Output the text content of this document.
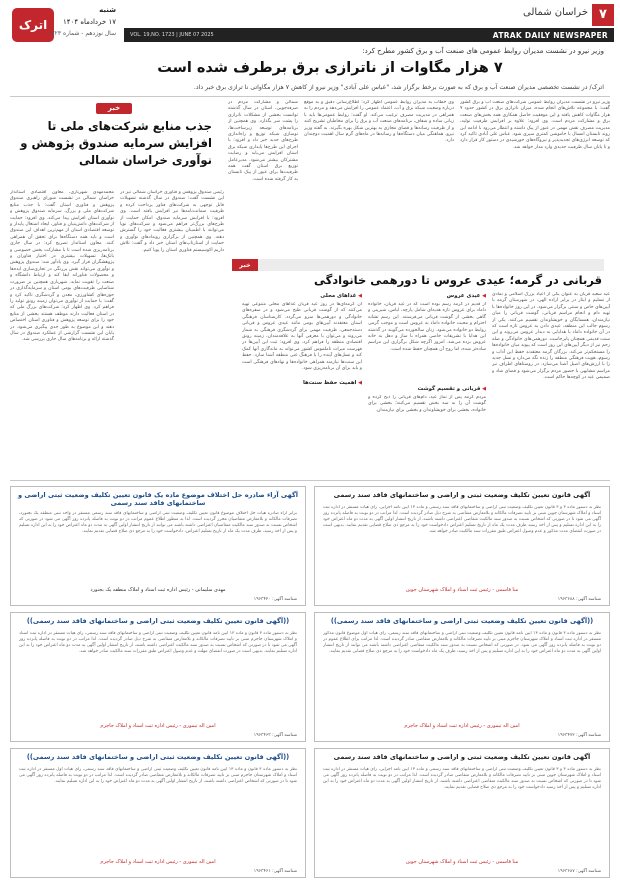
۷
خراسان شمالی
ATRAK DAILY NEWSPAPER
VOL. 19,NO. 1723 | JUNE 07 2025
اترک
شنبه
۱۷ خردادماه ۱۴۰۴
سال نوزدهم - شماره ۱۷۲۳
وزیر نیرو در نشست مدیران روابط عمومی های صنعت آب و برق کشور مطرح کرد:
۷ هزار مگاوات از ناترازی برق برطرف شده است
اترک/ در نشست تخصصی مدیران صنعت آب و برق که به صورت برخط برگزار شد، "عباس علی آبادی" وزیر نیرو از کاهش ۷ هزار مگاواتی نا ترازی برق خبر داد.
وزیر نیرو در نشست مدیران روابط عمومی شرکت‌های صنعت آب و برق کشور گفت: با مجموعه تلاش‌های انجام شده، میزان ناترازی برق در کشور حدود ۷ هزار مگاوات کاهش یافته و این موفقیت حاصل همکاری همه بخش‌های صنعت برق و مشارکت مردم است. وی افزود: علاوه بر افزایش ظرفیت تولید، مدیریت مصرف نقش مهمی در عبور از پیک داشته و انتظار می‌رود با ادامه این روند تابستان امسال با خاموشی کمتری سپری شود. عباس علی آبادی تاکید کرد که توسعه انرژی‌های تجدیدپذیر و نیروگاه‌های خورشیدی در دستور کار قرار دارد و تا پایان سال ظرفیت جدیدی وارد مدار خواهد شد.
وی خطاب به مدیران روابط عمومی اظهار کرد: اطلاع‌رسانی دقیق و به موقع درباره وضعیت شبکه برق و آب، اعتماد عمومی را افزایش می‌دهد و مردم را به همراهی در مدیریت مصرف ترغیب می‌کند. او گفت: روابط عمومی‌ها باید با زبانی ساده و شفاف، برنامه‌های صنعت آب و برق را برای مخاطبان تشریح کنند و از ظرفیت رسانه‌ها و فضای مجازی به بهترین شکل بهره بگیرند. به گفته وزیر نیرو، هماهنگی میان دستگاه‌ها و رسانه‌ها در ماه‌های گرم سال اهمیت دوچندان دارد.
شمالی و مشارکت مردم در صرفه‌جویی، استان در سال گذشته توانست بخشی از مشکلات ناترازی را پشت سر بگذارد. وی همچنین از برنامه‌های توسعه زیرساخت‌ها، نوسازی شبکه توزیع و راه‌اندازی طرح‌های جدید خبر داد و افزود: با اجرای این طرح‌ها پایداری شبکه برق استان افزایش می‌یابد و رضایت مشترکان بیشتر می‌شود. مدیرعامل توزیع برق استان گفت همه ظرفیت‌ها برای عبور از پیک تابستان به کار گرفته شده است.
خبر
جذب منابع شرکت‌های ملی تا افزایش سرمایه صندوق پژوهش و نوآوری خراسان شمالی
محمدمهدی شهریاری، معاون اقتصادی استاندار خراسان شمالی در نشست شورای راهبری صندوق پژوهش و فناوری استان گفت: با جذب منابع شرکت‌های ملی و بزرگ، سرمایه صندوق پژوهش و نوآوری استان افزایش پیدا می‌کند. وی افزود: حمایت از شرکت‌های دانش‌بنیان و فناور، ایجاد اشتغال پایدار و توسعه اقتصادی استان از مهم‌ترین اهداف این صندوق است و باید همه دستگاه‌ها برای تحقق آن همراهی کنند. معاون استاندار تصریح کرد: در سال جاری برنامه‌ریزی شده است تا با مشارکت بخش خصوصی و بانک‌ها، تسهیلات بیشتری در اختیار فناوران و پژوهشگران قرار گیرد. وی یادآور شد: صندوق پژوهش و نوآوری می‌تواند نقش پررنگی در تجاری‌سازی ایده‌ها و محصولات فناورانه ایفا کند و ارتباط دانشگاه و صنعت را تقویت نماید. شهریاری همچنین بر ضرورت شناسایی ظرفیت‌های بومی استان و سرمایه‌گذاری در حوزه‌های کشاورزی، معدن و گردشگری تاکید کرد و گفت: با حمایت از نوآوری می‌توان زمینه رونق تولید را فراهم کرد. وی اظهار کرد: شرکت‌های بزرگ ملی که در استان فعالیت دارند موظف هستند بخشی از منابع خود را برای توسعه پژوهش و فناوری استان اختصاص دهند و این موضوع به طور جدی پیگیری می‌شود. در پایان این نشست گزارشی از عملکرد صندوق در سال گذشته ارائه و برنامه‌های سال جاری بررسی شد.
رئیس صندوق پژوهش و فناوری خراسان شمالی نیز در این نشست گفت: صندوق در سال گذشته تسهیلات قابل توجهی به شرکت‌های فناور پرداخت کرده و ظرفیت ضمانت‌نامه‌ها نیز افزایش یافته است. وی افزود: با افزایش سرمایه صندوق، امکان حمایت از طرح‌های بزرگ‌تر فراهم می‌شود و شرکت‌های نوپا می‌توانند با اطمینان بیشتری فعالیت خود را گسترش دهند. وی همچنین از برگزاری رویدادهای نوآوری و حمایت از استارتاپ‌های استان خبر داد و گفت: تلاش داریم اکوسیستم فناوری استان را پویا کنیم.
خبر
قربانی در گرمه؛ عیدی عروس تا دورهمی خانوادگی
عید سعید قربان به عنوان یکی از اعیاد بزرگ اسلامی و نمادی از تسلیم و ایثار در برابر اراده الهی، در شهرستان گرمه با آیین‌های خاص و سنتی برگزار می‌شود. در این روز خانواده‌ها با تهیه دام و انجام مراسم قربانی، گوشت قربانی را میان نیازمندان، همسایگان و خویشاوندان تقسیم می‌کنند. یکی از رسوم جالب این منطقه، عیدی دادن به عروس تازه است که در آن خانواده داماد با هدایایی به دیدار عروس می‌روند و این سنت قدیمی همچنان پابرجاست. دورهمی‌های خانوادگی و صله رحم نیز از دیگر آیین‌های این روز است که پیوند میان خانواده‌ها را مستحکم‌تر می‌کند. بزرگان گرمه معتقدند حفظ این آداب و رسوم، هویت فرهنگی منطقه را زنده نگه می‌دارد و نسل جدید را با ارزش‌های اصیل آشنا می‌سازد. در روستاهای اطراف نیز مراسم مشابهی با حضور مردم برگزار می‌شود و فضای شاد و صمیمی عید در کوچه‌ها حاکم است.
◀ عیدی عروس
از قدیم در گرمه رسم بوده است که در عید قربان، خانواده داماد برای عروس تازه هدیه‌ای شامل پارچه، لباس، شیرینی و گاهی بخشی از گوشت قربانی می‌فرستند. این رسم نشانه احترام و محبت خانواده داماد به عروس است و موجب گرمی روابط دو خانواده می‌شود. زنان سالخورده می‌گویند در گذشته این هدایا با تشریفات خاصی همراه با ساز و دهل به خانه عروس برده می‌شد. امروز اگرچه شکل برگزاری این مراسم ساده‌تر شده، اما روح آن همچنان حفظ شده است.
◀ قربانی و تقسیم گوشت
مردم گرمه پس از نماز عید، دام‌های قربانی را ذبح کرده و گوشت آن را به سه بخش تقسیم می‌کنند؛ بخشی برای خانواده، بخشی برای خویشاوندان و بخشی برای نیازمندان.
◀ غذاهای محلی
◀ اهمیت حفظ سنت‌ها
آن گرمه‌ای‌ها در روز عید قربان غذاهای محلی متنوعی تهیه می‌کنند که از گوشت قربانی طبخ می‌شود و در سفره‌های خانوادگی و دورهمی‌ها سرو می‌گردد. کارشناسان فرهنگی استان معتقدند آیین‌های بومی مانند عیدی عروس و قربانی دسته‌جمعی، ظرفیت مهمی برای گردشگری فرهنگی به شمار می‌روند و می‌توان با معرفی آنها به علاقه‌مندان، زمینه رونق اقتصادی منطقه را فراهم کرد. وی افزود: ثبت این آیین‌ها در فهرست میراث ناملموس کشور می‌تواند به ماندگاری آنها کمک کند و نسل‌های آینده را با فرهنگ غنی منطقه آشنا سازد. حفظ این سنت‌ها نیازمند همراهی خانواده‌ها و نهادهای فرهنگی است و باید برای آن برنامه‌ریزی شود.
آگهی قانون تعیین تکلیف وضعیت ثبتی و اراضی و ساختمانهای فاقد سند رسمی
نظر به دستور ماده ۳ و ۳ قانون تعیین تکلیف وضعیت ثبتی اراضی و ساختمانهای فاقد سند رسمی و ماده ۱۳ آیین نامه اجرایی، رای هیات مستقر در اداره ثبت اسناد و املاک شهرستان جوین مبنی بر تایید تصرفات مالکانه و بلامعارض متقاضی به شرح ذیل صادر گردیده است. لذا مراتب در دو نوبت به فاصله پانزده روز آگهی می شود تا در صورتی که اشخاص نسبت به صدور سند مالکیت متقاضی اعتراضی داشته باشند، از تاریخ انتشار اولین آگهی به مدت دو ماه اعتراض خود را به این اداره تسلیم و پس از اخذ رسید ظرف مدت یک ماه از تاریخ تسلیم اعتراض دادخواست خود را به مرجع ذی صلاح قضایی تقدیم نمایند. بدیهی است در صورت انقضای مدت مذکور و عدم وصول اعتراض طبق مقررات سند مالکیت صادر خواهد شد.
منا قاسمی - رئیس ثبت اسناد و املاک شهرستان جوین
شناسه آگهی: ۱۹۶۳۶۸۸
آگهی آراء صادره حل اختلاف موضوع ماده یک قانون تعیین تکلیف وضعیت ثبتی اراضی و ساختمانهای فاقد سند رسمی
برابر آراء صادره هیات حل اختلاف موضوع قانون تعیین تکلیف وضعیت ثبتی اراضی و ساختمانهای فاقد سند رسمی مستقر در واحد ثبتی منطقه یک بجنورد، تصرفات مالکانه و بلامعارض متقاضیان محرز گردیده است. لذا به منظور اطلاع عموم مراتب در دو نوبت به فاصله پانزده روز آگهی می شود در صورتی که اشخاص نسبت به صدور سند مالکیت متقاضیان اعتراضی داشته باشند می توانند از تاریخ انتشار اولین آگهی به مدت دو ماه اعتراض خود را به این اداره تسلیم و پس از اخذ رسید، ظرف مدت یک ماه از تاریخ تسلیم اعتراض، دادخواست خود را به مرجع ذی صلاح قضایی تقدیم نمایند.
مهدی سلیمانی - رئیس اداره ثبت اسناد و املاک منطقه یک بجنورد
شناسه آگهی: ۱۹۶۳۴۲۰
((آگهی قانون تعیین تکلیف وضعیت ثبتی اراضی و ساختمانهای فاقد سند رسمی))
نظر به دستور ماده ۳ قانون و ماده ۱۳ آیین نامه قانون تعیین تکلیف وضعیت ثبتی اراضی و ساختمانهای فاقد سند رسمی، رای هیات اول موضوع قانون مذکور مستقر در اداره ثبت اسناد و املاک شهرستان جاجرم مبنی بر تایید تصرفات مالکانه و بلامعارض متقاضی صادر گردیده است. لذا مراتب برای اطلاع عموم در دو نوبت به فاصله پانزده روز آگهی می شود. در صورتی که اشخاص نسبت به صدور سند مالکیت متقاضی اعتراضی داشته باشند می توانند از تاریخ انتشار اولین آگهی به مدت دو ماه اعتراض خود را به این اداره تسلیم و پس از اخذ رسید، ظرف یک ماه دادخواست خود را به مرجع ذی صلاح قضایی تقدیم نمایند.
امین اله تیموری - رئیس اداره ثبت اسناد و املاک جاجرم
شناسه آگهی: ۱۹۶۳۴۷۲
((آگهی قانون تعیین تکلیف وضعیت ثبتی اراضی و ساختمانهای فاقد سند رسمی))
نظر به دستور ماده ۳ قانون و ماده ۱۳ آیین نامه قانون تعیین تکلیف وضعیت ثبتی اراضی و ساختمانهای فاقد سند رسمی، رای هیات مستقر در اداره ثبت اسناد و املاک شهرستان جاجرم مبنی بر تایید تصرفات مالکانه و بلامعارض متقاضی به شرح ذیل صادر گردیده است. لذا مراتب در دو نوبت به فاصله پانزده روز آگهی می شود تا در صورتی که اشخاص نسبت به صدور سند مالکیت اعتراضی داشته باشند، از تاریخ انتشار اولین آگهی به مدت دو ماه اعتراض خود را به این اداره تسلیم نمایند. بدیهی است در صورت انقضای مهلت و عدم وصول اعتراض طبق مقررات سند مالکیت صادر خواهد شد.
امین اله تیموری - رئیس اداره ثبت اسناد و املاک جاجرم
شناسه آگهی: ۱۹۶۳۴۶۳
آگهی قانون تعیین تکلیف وضعیت ثبتی و اراضی و ساختمانهای فاقد سند رسمی
نظر به دستور ماده ۳ و ۳ قانون تعیین تکلیف وضعیت ثبتی اراضی و ساختمانهای فاقد سند رسمی و ماده ۱۳ آیین نامه اجرایی، رای هیات مستقر در اداره ثبت اسناد و املاک شهرستان جوین مبنی بر تایید تصرفات مالکانه و بلامعارض متقاضی صادر گردیده است. لذا مراتب در دو نوبت به فاصله پانزده روز آگهی می شود تا در صورتی که اشخاص نسبت به صدور سند مالکیت متقاضی اعتراضی داشته باشند، از تاریخ انتشار اولین آگهی به مدت دو ماه اعتراض خود را به این اداره تسلیم و پس از اخذ رسید دادخواست خود را به مرجع ذی صلاح قضایی تقدیم نمایند.
منا قاسمی - رئیس ثبت اسناد و املاک شهرستان جوین
شناسه آگهی: ۱۹۶۳۶۸۷
((آگهی قانون تعیین تکلیف وضعیت ثبتی اراضی و ساختمانهای فاقد سند رسمی))
نظر به دستور ماده ۳ قانون و ماده ۱۳ آیین نامه قانون تعیین تکلیف وضعیت ثبتی اراضی و ساختمانهای فاقد سند رسمی، رای هیات اول مستقر در اداره ثبت اسناد و املاک شهرستان جاجرم مبنی بر تایید تصرفات مالکانه و بلامعارض متقاضی صادر گردیده است. لذا مراتب در دو نوبت به فاصله پانزده روز آگهی می شود تا در صورتی که اشخاص اعتراضی داشته باشند، از تاریخ انتشار اولین آگهی به مدت دو ماه اعتراض خود را به این اداره تسلیم نمایند.
امین اله تیموری - رئیس اداره ثبت اسناد و املاک جاجرم
شناسه آگهی: ۱۹۶۳۴۶۱
